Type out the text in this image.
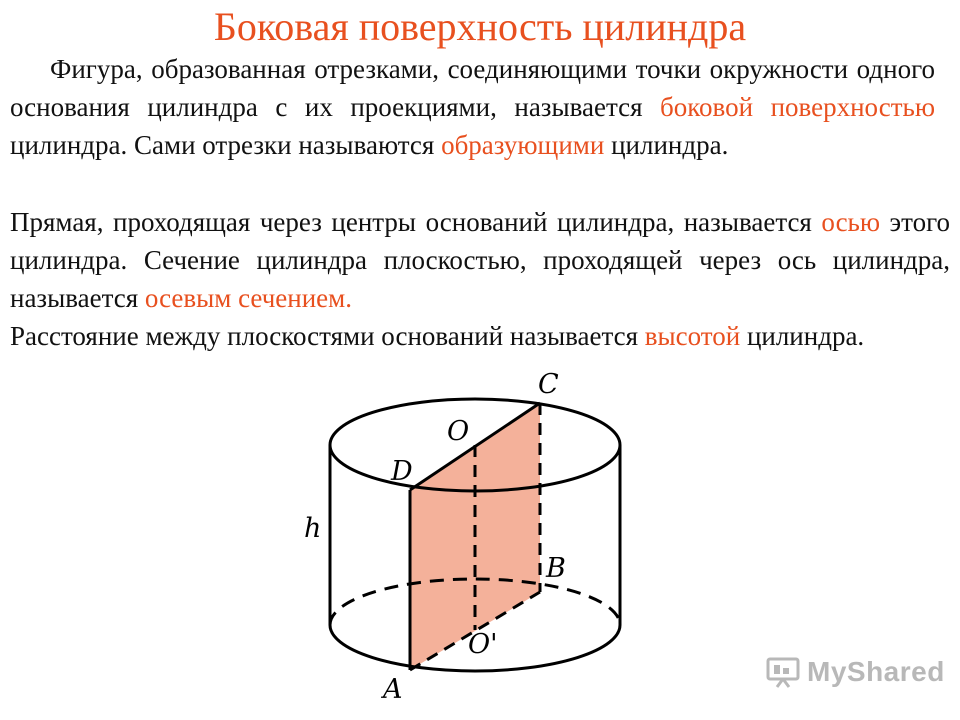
Боковая поверхность цилиндра

Фигура, образованная отрезками, соединяющими точки окружности одного основания цилиндра с их проекциями, называется боковой поверхностью цилиндра. Сами отрезки называются образующими цилиндра.

Прямая, проходящая через центры оснований цилиндра, называется осью этого цилиндра. Сечение цилиндра плоскостью, проходящей через ось цилиндра, называется осевым сечением.

Расстояние между плоскостями оснований называется высотой цилиндра.

C
O
D
h
B
O'
A
MyShared
